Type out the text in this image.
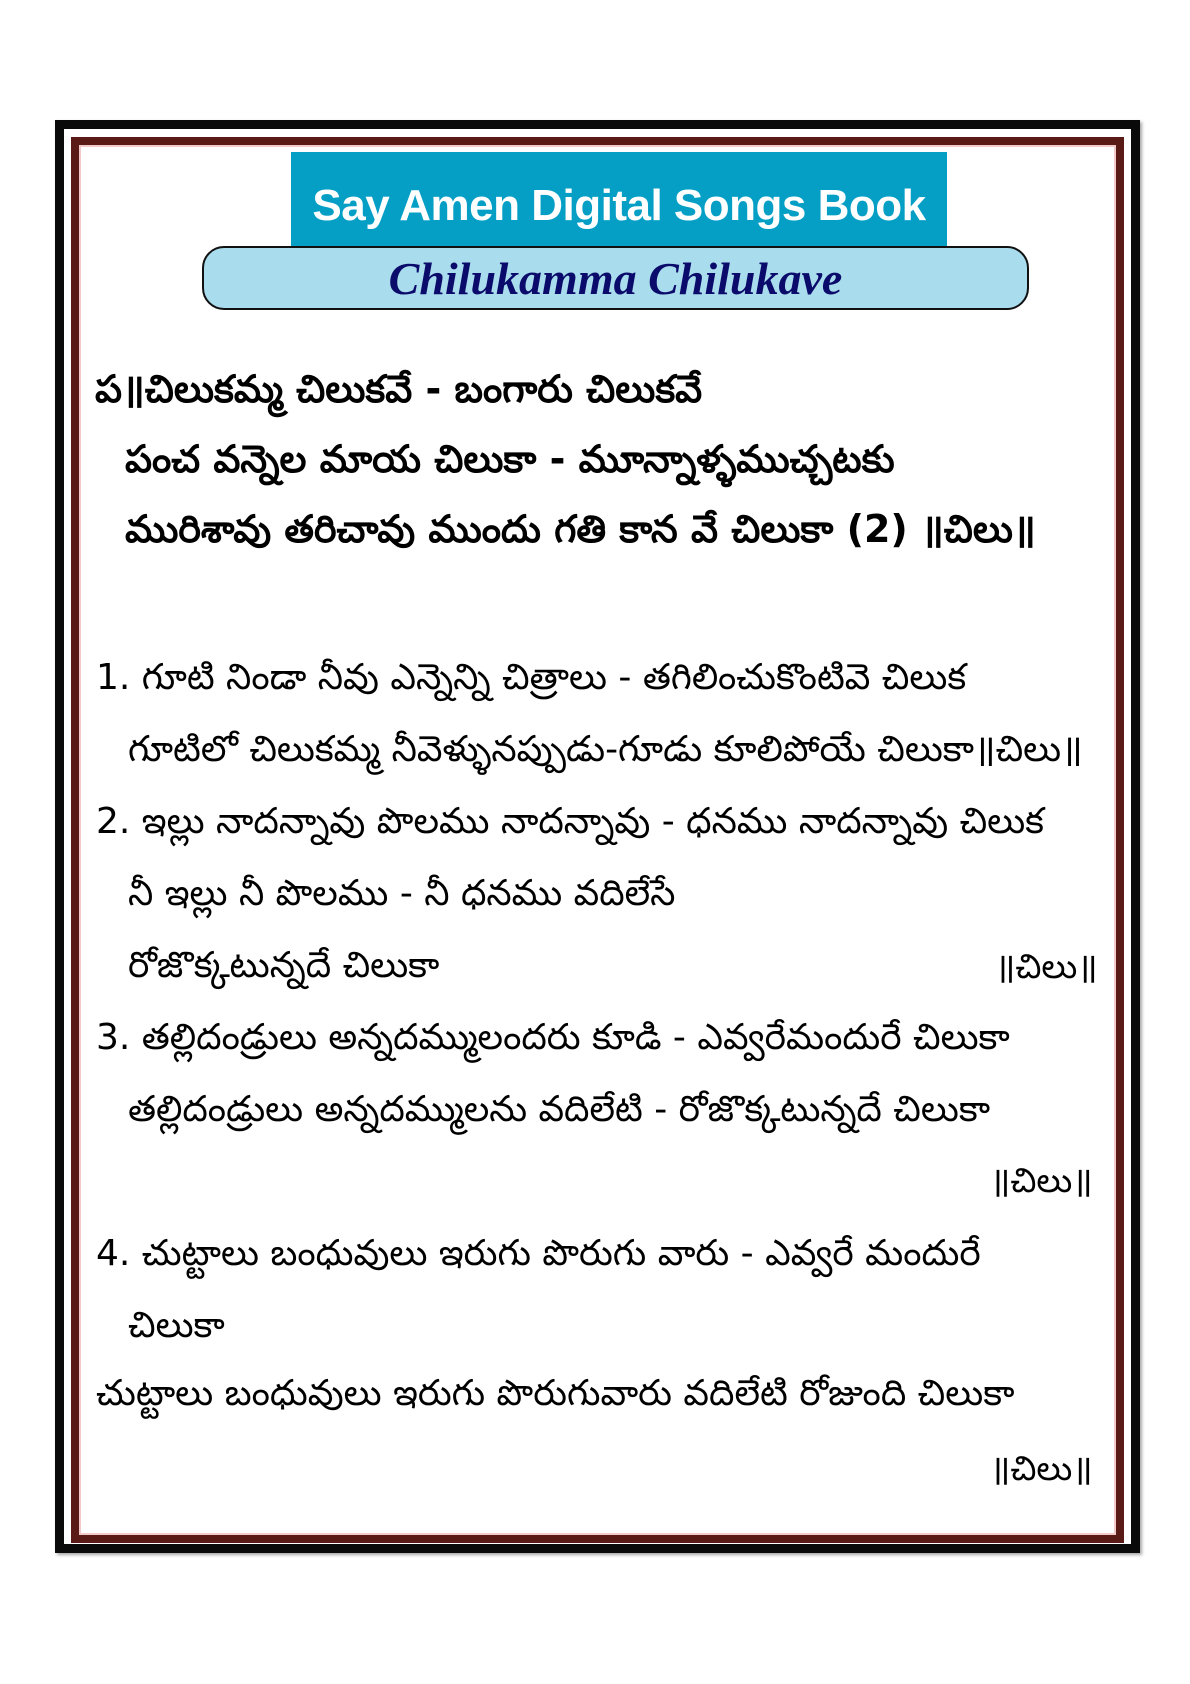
Say Amen Digital Songs Book
Chilukamma Chilukave
ప॥చిలుకమ్మ చిలుకవే - బంగారు చిలుకవే
పంచ వన్నెల మాయ చిలుకా - మూన్నాళ్ళముచ్చటకు
మురిశావు తరిచావు ముందు గతి కాన వే చిలుకా (2) ॥చిలు॥
1. గూటి నిండా నీవు ఎన్నెన్ని చిత్రాలు - తగిలించుకొంటివె చిలుక
గూటిలో చిలుకమ్మ నీవెళ్ళునప్పుడు-గూడు కూలిపోయే చిలుకా॥చిలు॥
2. ఇల్లు నాదన్నావు పొలము నాదన్నావు - ధనము నాదన్నావు చిలుక
నీ ఇల్లు నీ పొలము - నీ ధనము వదిలేసే
రోజొక్కటున్నదే చిలుకా	॥చిలు॥
3. తల్లిదండ్రులు అన్నదమ్ములందరు కూడి - ఎవ్వరేమందురే చిలుకా
తల్లిదండ్రులు అన్నదమ్ములను వదిలేటి - రోజొక్కటున్నదే చిలుకా
॥చిలు॥
4. చుట్టాలు బంధువులు ఇరుగు పొరుగు వారు - ఎవ్వరే మందురే
చిలుకా
చుట్టాలు బంధువులు ఇరుగు పొరుగువారు వదిలేటి రోజుంది చిలుకా
॥చిలు॥
